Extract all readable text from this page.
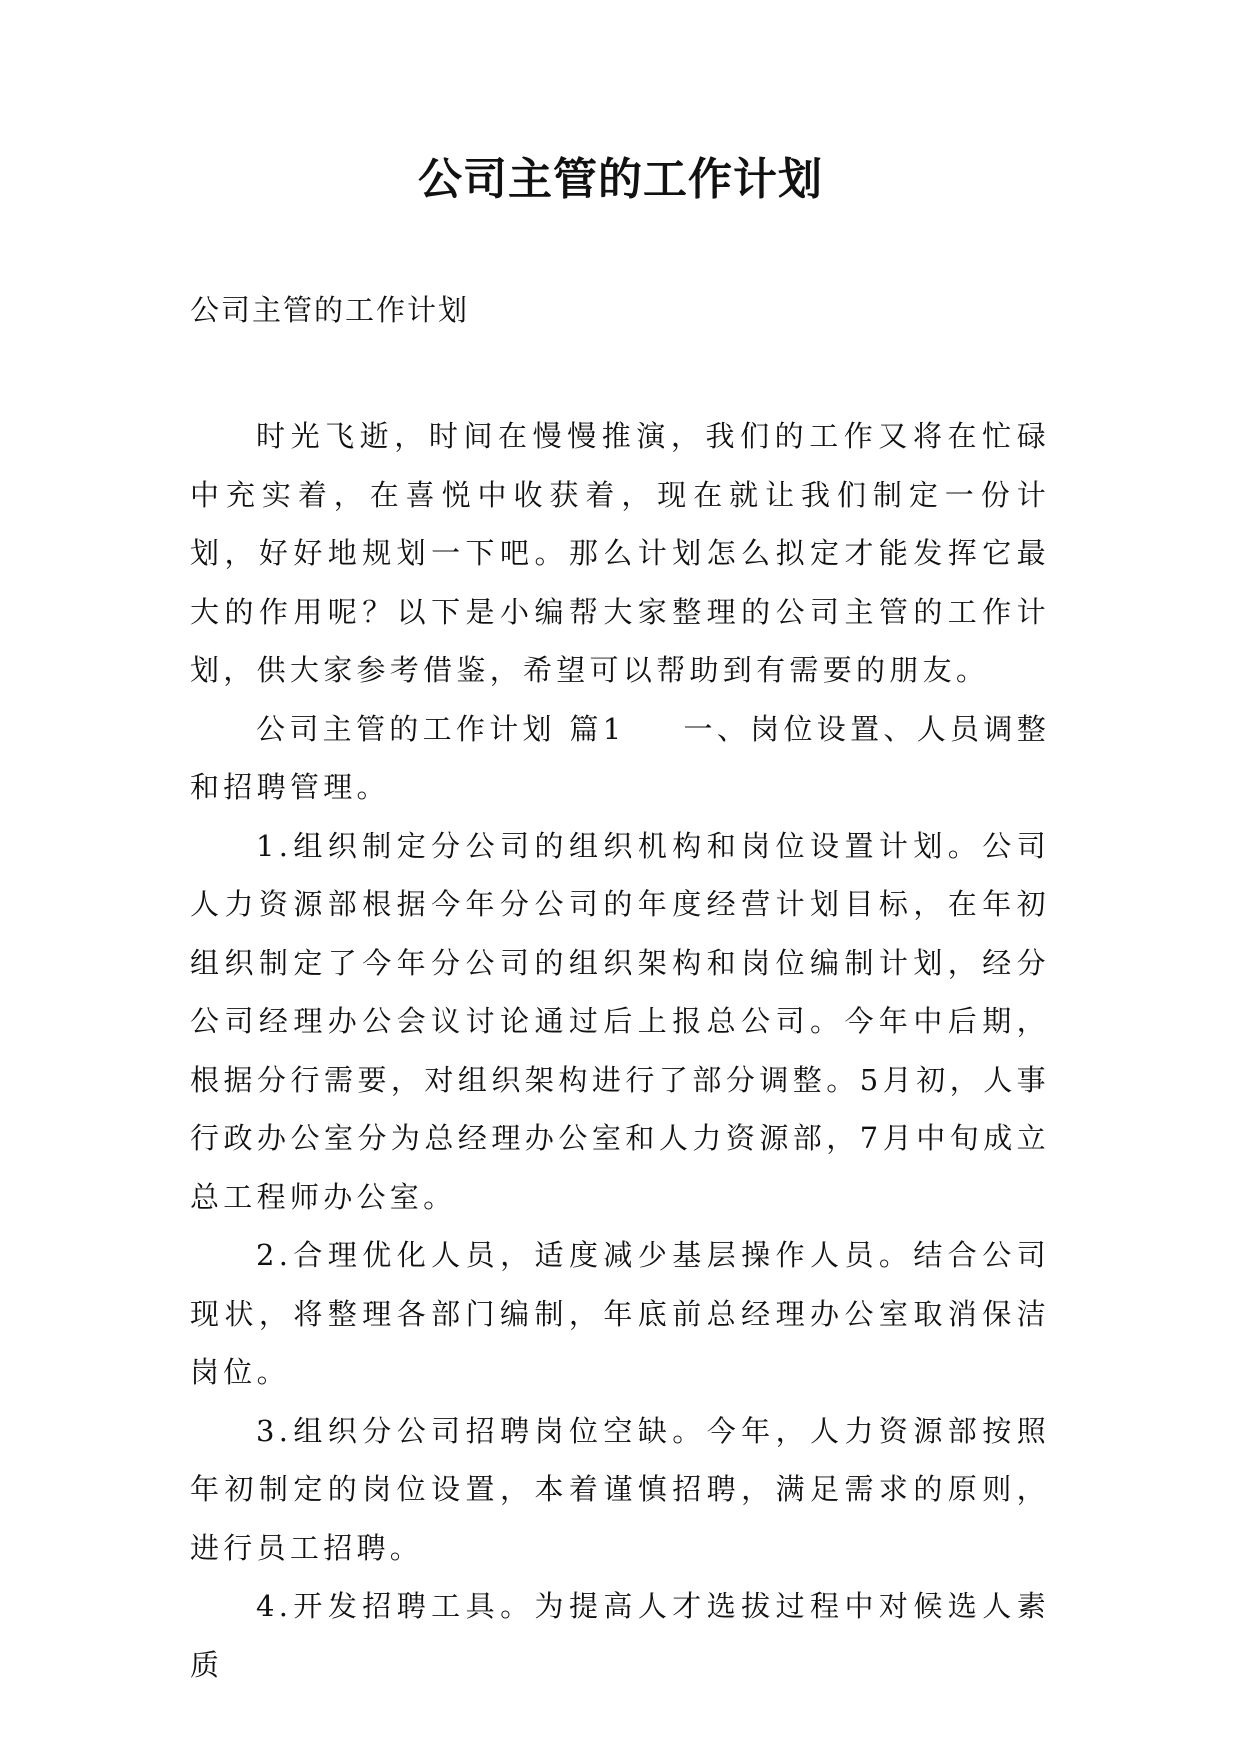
公司主管的工作计划

公司主管的工作计划

时光飞逝，时间在慢慢推演，我们的工作又将在忙碌中充实着，在喜悦中收获着，现在就让我们制定一份计划，好好地规划一下吧。那么计划怎么拟定才能发挥它最大的作用呢？以下是小编帮大家整理的公司主管的工作计划，供大家参考借鉴，希望可以帮助到有需要的朋友。

公司主管的工作计划 篇1 一、岗位设置、人员调整和招聘管理。

1.组织制定分公司的组织机构和岗位设置计划。公司人力资源部根据今年分公司的年度经营计划目标，在年初组织制定了今年分公司的组织架构和岗位编制计划，经分公司经理办公会议讨论通过后上报总公司。今年中后期，根据分行需要，对组织架构进行了部分调整。5月初，人事行政办公室分为总经理办公室和人力资源部，7月中旬成立总工程师办公室。

2.合理优化人员，适度减少基层操作人员。结合公司现状，将整理各部门编制，年底前总经理办公室取消保洁岗位。

3.组织分公司招聘岗位空缺。今年，人力资源部按照年初制定的岗位设置，本着谨慎招聘，满足需求的原则，进行员工招聘。

4.开发招聘工具。为提高人才选拔过程中对候选人素质
